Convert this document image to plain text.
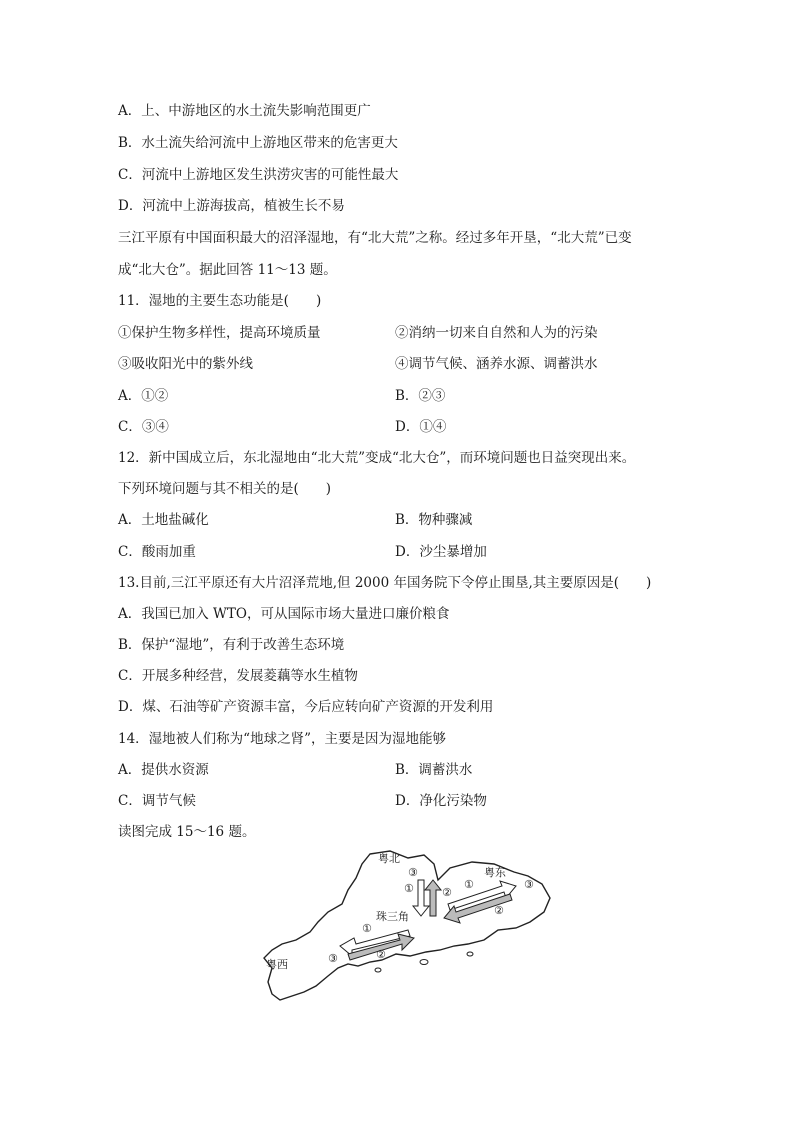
A．上、中游地区的水土流失影响范围更广
B．水土流失给河流中上游地区带来的危害更大
C．河流中上游地区发生洪涝灾害的可能性最大
D．河流中上游海拔高，植被生长不易
三江平原有中国面积最大的沼泽湿地，有“北大荒”之称。经过多年开垦，“北大荒”已变
成“北大仓”。据此回答 11～13 题。
11．湿地的主要生态功能是(　　)
①保护生物多样性，提高环境质量	②消纳一切来自自然和人为的污染
③吸收阳光中的紫外线	④调节气候、涵养水源、调蓄洪水
A．①②	B．②③
C．③④	D．①④
12．新中国成立后，东北湿地由“北大荒”变成“北大仓”，而环境问题也日益突现出来。
下列环境问题与其不相关的是(　　)
A．土地盐碱化	B．物种骤减
C．酸雨加重	D．沙尘暴增加
13.目前,三江平原还有大片沼泽荒地,但 2000 年国务院下令停止围垦,其主要原因是(　　)
A．我国已加入 WTO，可从国际市场大量进口廉价粮食
B．保护“湿地”，有利于改善生态环境
C．开展多种经营，发展菱藕等水生植物
D．煤、石油等矿产资源丰富，今后应转向矿产资源的开发利用
14．湿地被人们称为“地球之肾”，主要是因为湿地能够
A．提供水资源	B．调蓄洪水
C．调节气候	D．净化污染物
读图完成 15～16 题。
粤北
粤东
粤西
珠三角
③
①	②
①	③
②
①
③	②
